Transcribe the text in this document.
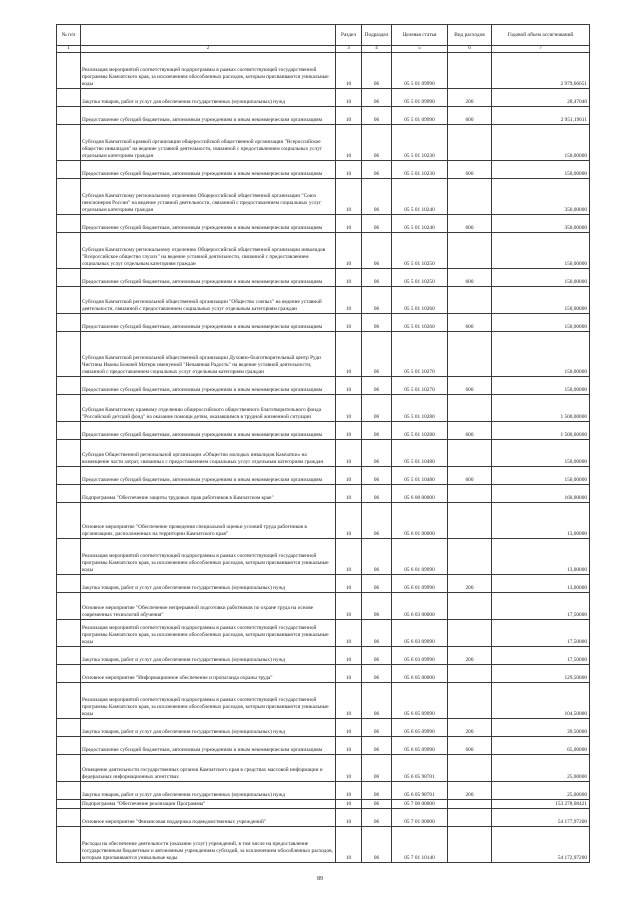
№ п/п		Раздел	Подраздел	Целевая статья	Вид расходов	Годовой объем ассигнований
1	2	3	4	5	6	7
	Реализация мероприятий соответствующей подпрограммы в рамках соответствующей государственной программы Камчатского края, за исключением обособленных расходов, которым присваиваются уникальные коды	10	06	05 5 01 09990		2 979,66651
	Закупка товаров, работ и услуг для обеспечения государственных (муниципальных) нужд	10	06	05 5 01 09990	200	28,47040
	Предоставление субсидий бюджетным, автономным учреждениям и иным некоммерческим организациям	10	06	05 5 01 09990	600	2 951,19611
	Субсидия Камчатской краевой организации общероссийской общественной организации "Всероссийское общество инвалидов" на ведение уставной деятельности, связанной с предоставлением социальных услуг отдельным категориям граждан	10	06	05 5 01 10230		150,00000
	Предоставление субсидий бюджетным, автономным учреждениям и иным некоммерческим организациям	10	06	05 5 01 10230	600	150,00000
	Субсидия Камчатскому региональному отделению Общероссийской общественной организации "Союз пенсионеров России" на ведение уставной деятельности, связанной с предоставлением социальных услуг отдельным категориям граждан	10	06	05 5 01 10240		350,00000
	Предоставление субсидий бюджетным, автономным учреждениям и иным некоммерческим организациям	10	06	05 5 01 10240	600	350,00000
	Субсидия Камчатскому региональному отделению Общероссийской общественной организации инвалидов "Всероссийское общество глухих" на ведение уставной деятельности, связанной с предоставлением социальных услуг отдельным категориям граждан	10	06	05 5 01 10250		150,00000
	Предоставление субсидий бюджетным, автономным учреждениям и иным некоммерческим организациям	10	06	05 5 01 10250	600	150,00000
	Субсидия Камчатской региональной общественной организации "Общество слепых" на ведение уставной деятельности, связанной с предоставлением социальных услуг отдельным категориям граждан	10	06	05 5 01 10260		150,00000
	Предоставление субсидий бюджетным, автономным учреждениям и иным некоммерческим организациям	10	06	05 5 01 10260	600	150,00000
	Субсидия Камчатской региональной общественной организации Духовно-благотворительный центр Руди Чистины Иконы Божией Матери именуемой "Нечаянная Радость" на ведение уставной деятельности, связанной с предоставлением социальных услуг отдельным категориям граждан	10	06	05 5 01 10270		150,00000
	Предоставление субсидий бюджетным, автономным учреждениям и иным некоммерческим организациям	10	06	05 5 01 10270	600	150,00000
	Субсидия Камчатскому краевому отделению общероссийского общественного благотворительного фонда "Российский детский фонд" на оказание помощи детям, оказавшимся в трудной жизненной ситуации	10	06	05 5 01 10280		1 500,00000
	Предоставление субсидий бюджетным, автономным учреждениям и иным некоммерческим организациям	10	06	05 5 01 10280	600	1 500,00000
	Субсидия Общественной региональной организации «Общество молодых инвалидов Камчатки» на возмещение части затрат, связанных с предоставлением социальных услуг отдельным категориям граждан	10	06	05 5 01 10480		150,00000
	Предоставление субсидий бюджетным, автономным учреждениям и иным некоммерческим организациям	10	06	05 5 01 10480	600	150,00000
	Подпрограмма "Обеспечение защиты трудовых прав работников в Камчатском крае"	10	06	05 6 00 00000		160,00000
	Основное мероприятие "Обеспечение проведения специальной оценки условий труда работников в организациях, расположенных на территории Камчатского края"	10	06	05 6 01 00000		13,00000
	Реализация мероприятий соответствующей подпрограммы в рамках соответствующей государственной программы Камчатского края, за исключением обособленных расходов, которым присваиваются уникальные коды	10	06	05 6 01 09990		13,00000
	Закупка товаров, работ и услуг для обеспечения государственных (муниципальных) нужд	10	06	05 6 01 09990	200	13,00000
	Основное мероприятие "Обеспечение непрерывной подготовки работников по охране труда на основе современных технологий обучения"	10	06	05 6 03 00000		17,50000
	Реализация мероприятий соответствующей подпрограммы в рамках соответствующей государственной программы Камчатского края, за исключением обособленных расходов, которым присваиваются уникальные коды	10	06	05 6 03 09990		17,50000
	Закупка товаров, работ и услуг для обеспечения государственных (муниципальных) нужд	10	06	05 6 03 09990	200	17,50000
	Основное мероприятие "Информационное обеспечение и пропаганда охраны труда"	10	06	05 6 05 00000		129,50000
	Реализация мероприятий соответствующей подпрограммы в рамках соответствующей государственной программы Камчатского края, за исключением обособленных расходов, которым присваиваются уникальные коды	10	06	05 6 05 09990		104,50000
	Закупка товаров, работ и услуг для обеспечения государственных (муниципальных) нужд	10	06	05 6 05 09990	200	39,50000
	Предоставление субсидий бюджетным, автономным учреждениям и иным некоммерческим организациям	10	06	05 6 05 09990	600	65,00000
	Освещение деятельности государственных органов Камчатского края в средствах массовой информации и федеральных информационных агентствах	10	06	05 6 05 98701		25,00000
	Закупка товаров, работ и услуг для обеспечения государственных (муниципальных) нужд	10	06	05 6 05 98701	200	25,00000
	Подпрограмма "Обеспечение реализации Программы"	10	06	05 7 00 00000		153 278,08421
	Основное мероприятие "Финансовая поддержка подведомственных учреждений"	10	06	05 7 01 00000		54 177,97200
	Расходы на обеспечение деятельности (оказание услуг) учреждений, в том числе на предоставление государственным бюджетным и автономным учреждениям субсидий, за исключением обособленных расходов, которым присваиваются уникальные коды	10	06	05 7 01 10140		54 172,97200
89
